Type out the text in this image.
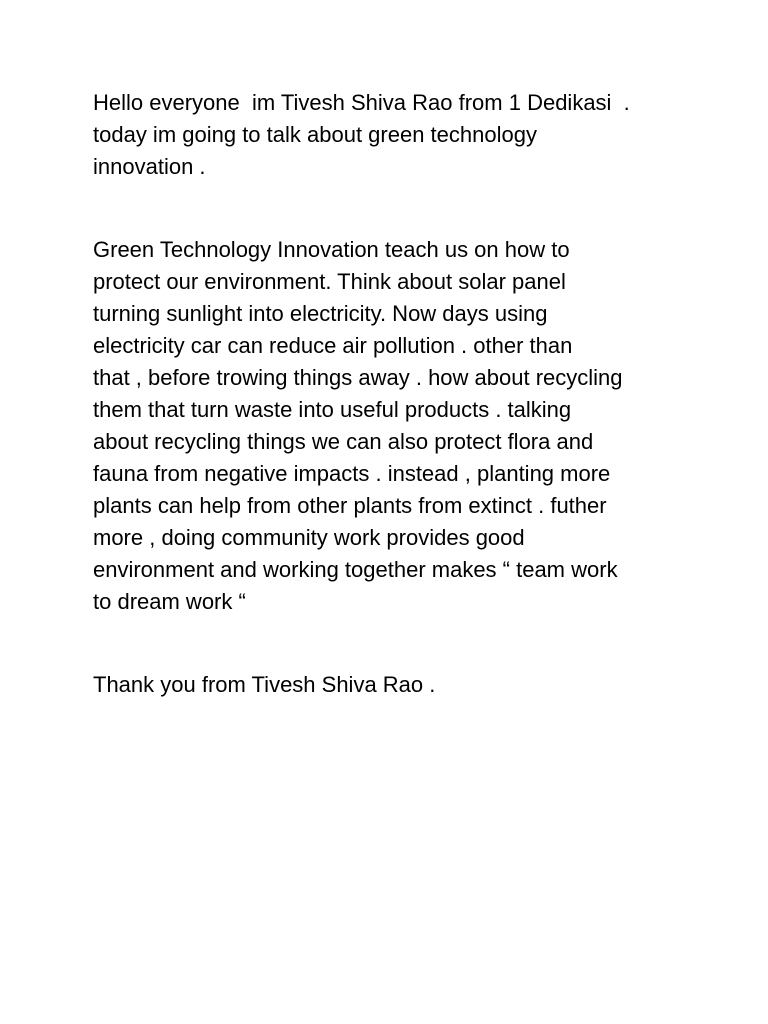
Hello everyone  im Tivesh Shiva Rao from 1 Dedikasi  .
today im going to talk about green technology
innovation .

Green Technology Innovation teach us on how to
protect our environment. Think about solar panel
turning sunlight into electricity. Now days using
electricity car can reduce air pollution . other than
that , before trowing things away . how about recycling
them that turn waste into useful products . talking
about recycling things we can also protect flora and
fauna from negative impacts . instead , planting more
plants can help from other plants from extinct . futher
more , doing community work provides good
environment and working together makes “ team work
to dream work “

Thank you from Tivesh Shiva Rao .
